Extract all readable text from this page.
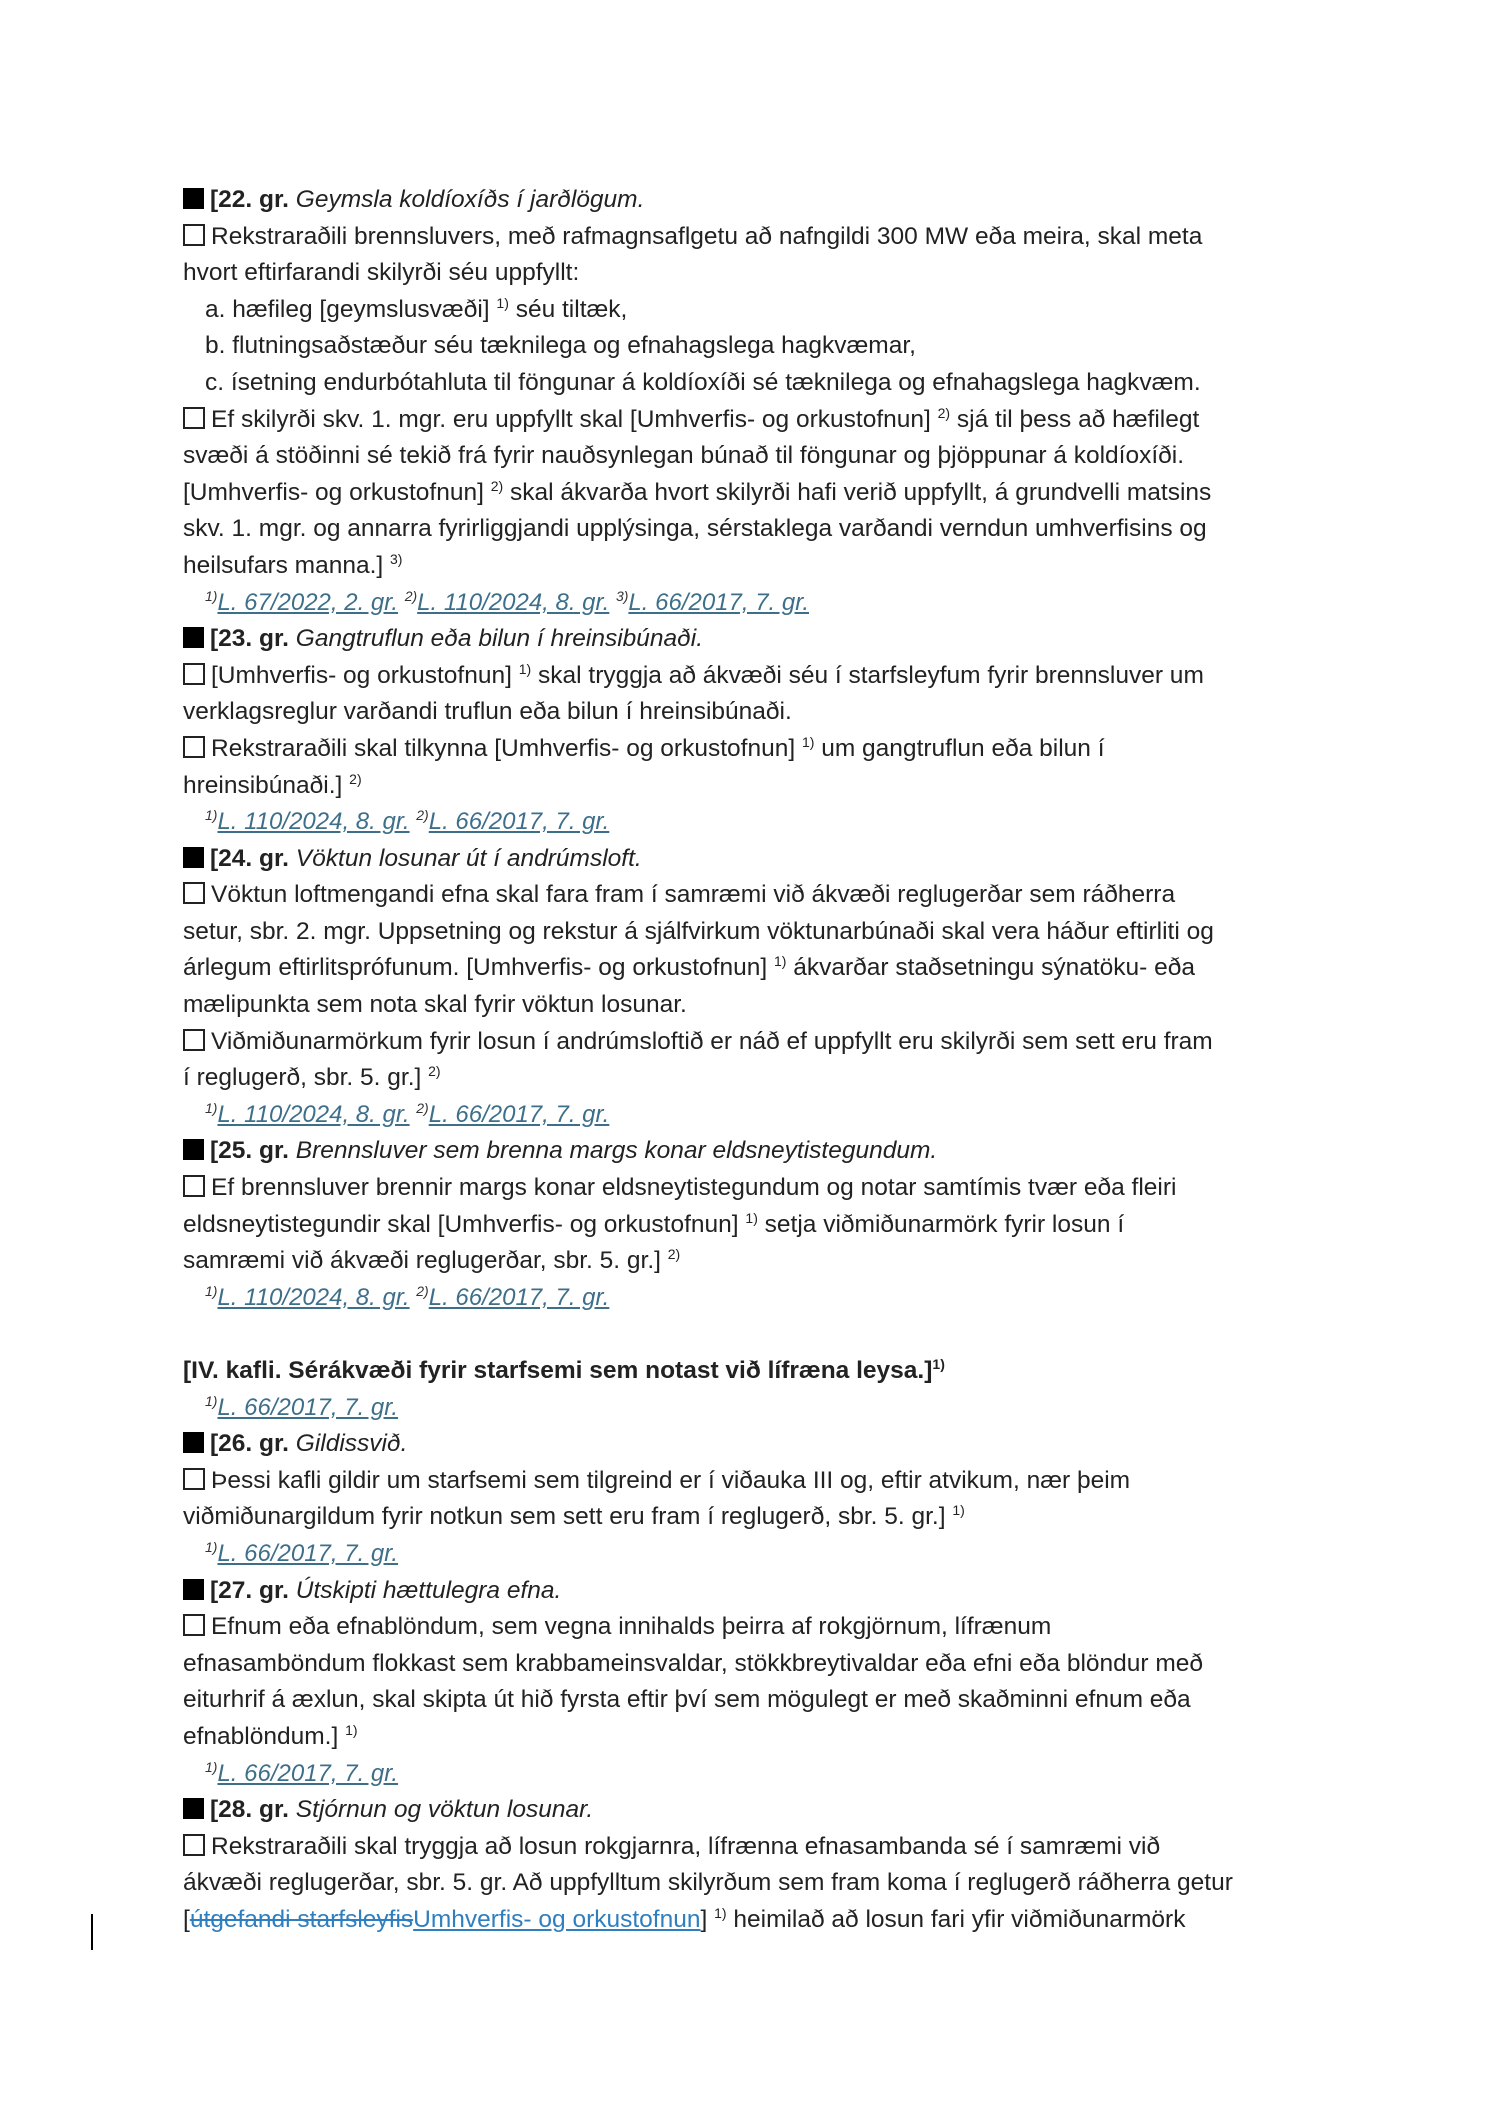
[22. gr. Geymsla koldíoxíðs í jarðlögum.
Rekstraraðili brennsluvers, með rafmagnsaflgetu að nafngildi 300 MW eða meira, skal meta
hvort eftirfarandi skilyrði séu uppfyllt:
a. hæfileg [geymslusvæði] $^{1)}$ séu tiltæk,
b. flutningsaðstæður séu tæknilega og efnahagslega hagkvæmar,
c. ísetning endurbótahluta til föngunar á koldíoxíði sé tæknilega og efnahagslega hagkvæm.
Ef skilyrði skv. 1. mgr. eru uppfyllt skal [Umhverfis- og orkustofnun] $^{2)}$ sjá til þess að hæfilegt
svæði á stöðinni sé tekið frá fyrir nauðsynlegan búnað til föngunar og þjöppunar á koldíoxíði.
[Umhverfis- og orkustofnun] $^{2)}$ skal ákvarða hvort skilyrði hafi verið uppfyllt, á grundvelli matsins
skv. 1. mgr. og annarra fyrirliggjandi upplýsinga, sérstaklega varðandi verndun umhverfisins og
heilsufars manna.] $^{3)}$
$^{1)}$L. 67/2022, 2. gr. $^{2)}$L. 110/2024, 8. gr. $^{3)}$L. 66/2017, 7. gr.
[23. gr. Gangtruflun eða bilun í hreinsibúnaði.
[Umhverfis- og orkustofnun] $^{1)}$ skal tryggja að ákvæði séu í starfsleyfum fyrir brennsluver um
verklagsreglur varðandi truflun eða bilun í hreinsibúnaði.
Rekstraraðili skal tilkynna [Umhverfis- og orkustofnun] $^{1)}$ um gangtruflun eða bilun í
hreinsibúnaði.] $^{2)}$
$^{1)}$L. 110/2024, 8. gr. $^{2)}$L. 66/2017, 7. gr.
[24. gr. Vöktun losunar út í andrúmsloft.
Vöktun loftmengandi efna skal fara fram í samræmi við ákvæði reglugerðar sem ráðherra
setur, sbr. 2. mgr. Uppsetning og rekstur á sjálfvirkum vöktunarbúnaði skal vera háður eftirliti og
árlegum eftirlitsprófunum. [Umhverfis- og orkustofnun] $^{1)}$ ákvarðar staðsetningu sýnatöku- eða
mælipunkta sem nota skal fyrir vöktun losunar.
Viðmiðunarmörkum fyrir losun í andrúmsloftið er náð ef uppfyllt eru skilyrði sem sett eru fram
í reglugerð, sbr. 5. gr.] $^{2)}$
$^{1)}$L. 110/2024, 8. gr. $^{2)}$L. 66/2017, 7. gr.
[25. gr. Brennsluver sem brenna margs konar eldsneytistegundum.
Ef brennsluver brennir margs konar eldsneytistegundum og notar samtímis tvær eða fleiri
eldsneytistegundir skal [Umhverfis- og orkustofnun] $^{1)}$ setja viðmiðunarmörk fyrir losun í
samræmi við ákvæði reglugerðar, sbr. 5. gr.] $^{2)}$
$^{1)}$L. 110/2024, 8. gr. $^{2)}$L. 66/2017, 7. gr.
[IV. kafli. Sérákvæði fyrir starfsemi sem notast við lífræna leysa.]$^{1)}$
$^{1)}$L. 66/2017, 7. gr.
[26. gr. Gildissvið.
Þessi kafli gildir um starfsemi sem tilgreind er í viðauka III og, eftir atvikum, nær þeim
viðmiðunargildum fyrir notkun sem sett eru fram í reglugerð, sbr. 5. gr.] $^{1)}$
$^{1)}$L. 66/2017, 7. gr.
[27. gr. Útskipti hættulegra efna.
Efnum eða efnablöndum, sem vegna innihalds þeirra af rokgjörnum, lífrænum
efnasamböndum flokkast sem krabbameinsvaldar, stökkbreytivaldar eða efni eða blöndur með
eiturhrif á æxlun, skal skipta út hið fyrsta eftir því sem mögulegt er með skaðminni efnum eða
efnablöndum.] $^{1)}$
$^{1)}$L. 66/2017, 7. gr.
[28. gr. Stjórnun og vöktun losunar.
Rekstraraðili skal tryggja að losun rokgjarnra, lífrænna efnasambanda sé í samræmi við
ákvæði reglugerðar, sbr. 5. gr. Að uppfylltum skilyrðum sem fram koma í reglugerð ráðherra getur
[útgefandi starfsleyfisUmhverfis- og orkustofnun] $^{1)}$ heimilað að losun fari yfir viðmiðunarmörk
